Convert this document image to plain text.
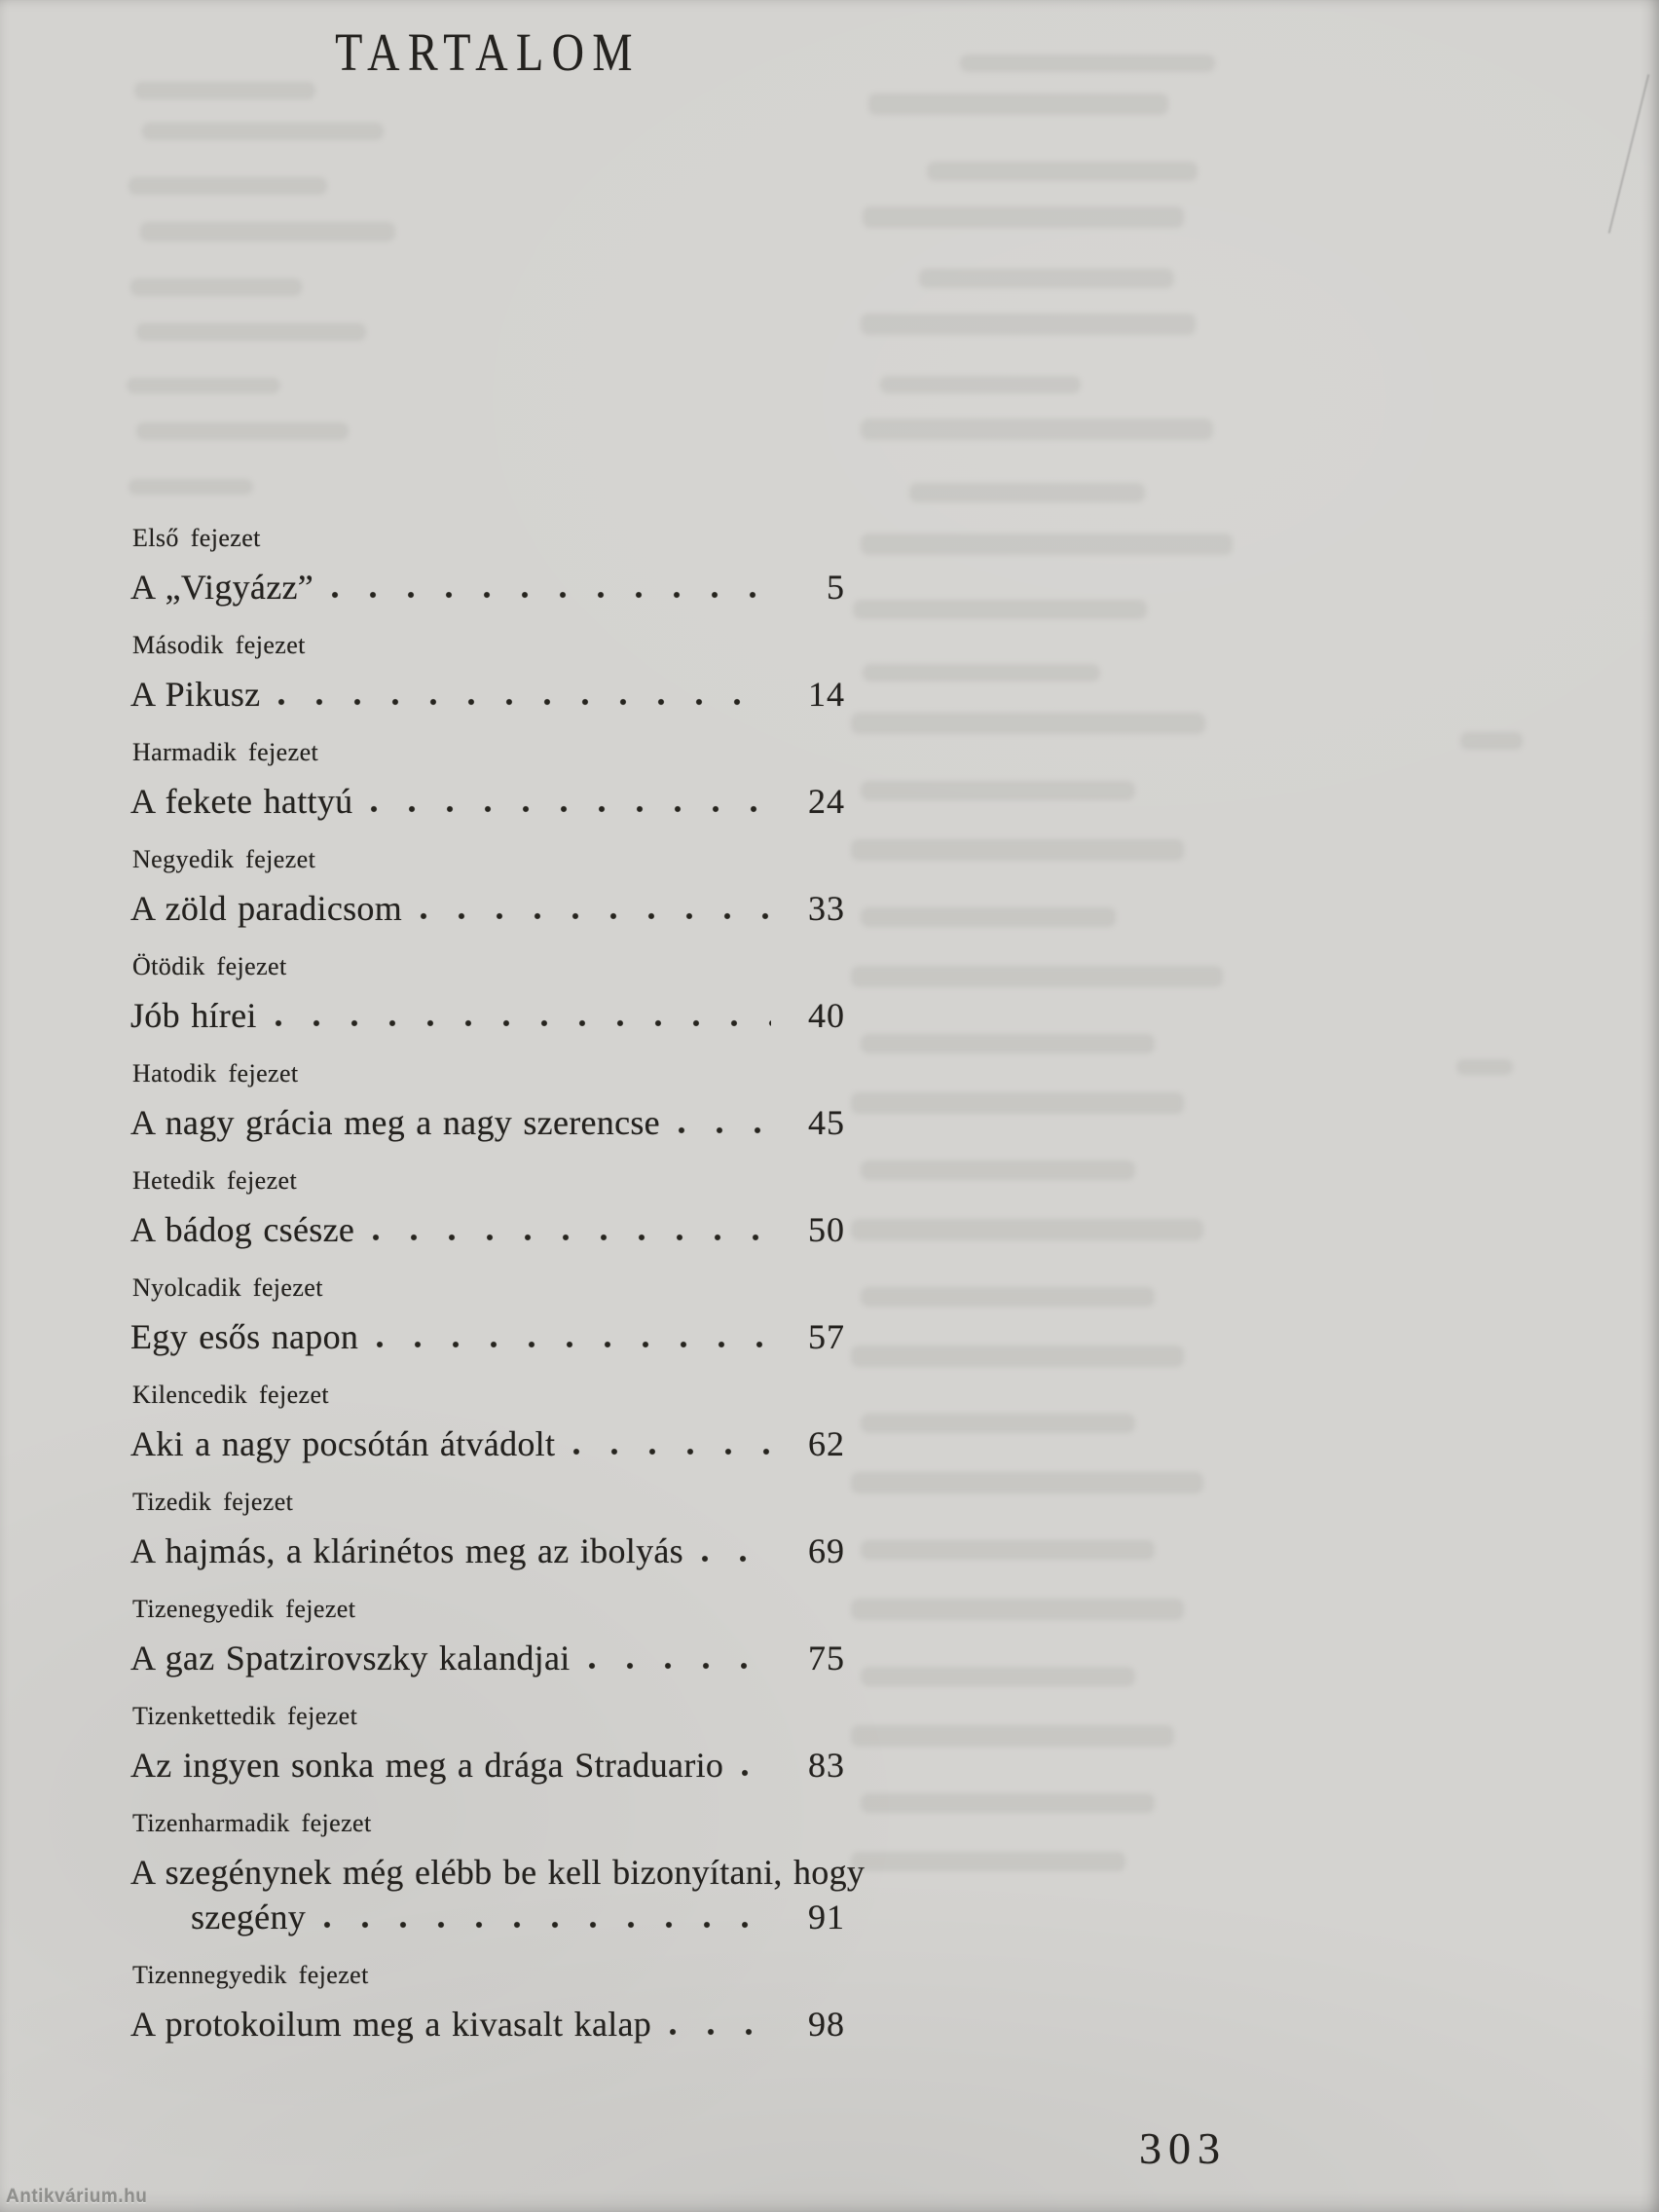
TARTALOM
Első fejezet
A „Vigyázz”	5
Második fejezet
A Pikusz	14
Harmadik fejezet
A fekete hattyú	24
Negyedik fejezet
A zöld paradicsom	33
Ötödik fejezet
Jób hírei	40
Hatodik fejezet
A nagy grácia meg a nagy szerencse	45
Hetedik fejezet
A bádog csésze	50
Nyolcadik fejezet
Egy esős napon	57
Kilencedik fejezet
Aki a nagy pocsótán átvádolt	62
Tizedik fejezet
A hajmás, a klárinétos meg az ibolyás	69
Tizenegyedik fejezet
A gaz Spatzirovszky kalandjai	75
Tizenkettedik fejezet
Az ingyen sonka meg a drága Straduario	83
Tizenharmadik fejezet
A szegénynek még elébb be kell bizonyítani, hogy
szegény	91
Tizennegyedik fejezet
A protokoilum meg a kivasalt kalap	98
303
Antikvárium.hu
